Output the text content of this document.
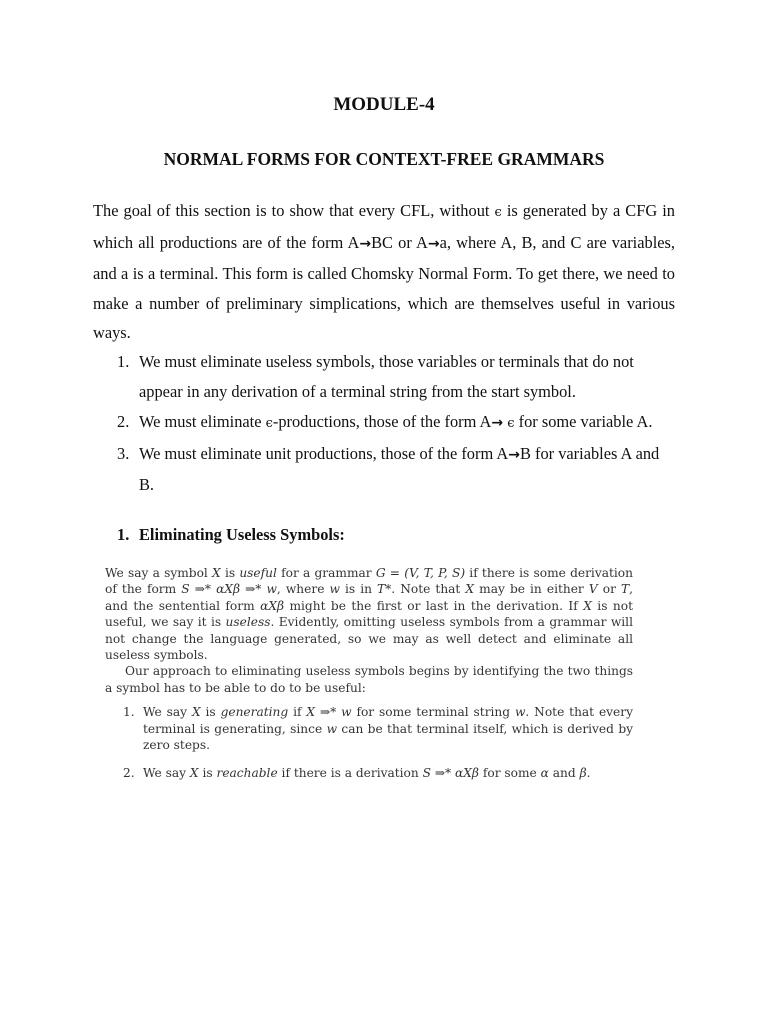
MODULE-4
NORMAL FORMS FOR CONTEXT-FREE GRAMMARS
The goal of this section is to show that every CFL, without ϵ is generated by a CFG in which all productions are of the form A→BC or A→a, where A, B, and C are variables, and a is a terminal. This form is called Chomsky Normal Form. To get there, we need to make a number of preliminary simplications, which are themselves useful in various ways.
1. We must eliminate useless symbols, those variables or terminals that do not appear in any derivation of a terminal string from the start symbol.
2. We must eliminate ϵ-productions, those of the form A→ ϵ for some variable A.
3. We must eliminate unit productions, those of the form A→B for variables A and B.
1. Eliminating Useless Symbols:

We say a symbol X is useful for a grammar G = (V, T, P, S) if there is some derivation of the form S ⇒* αXβ ⇒* w, where w is in T*. Note that X may be in either V or T, and the sentential form αXβ might be the first or last in the derivation. If X is not useful, we say it is useless. Evidently, omitting useless symbols from a grammar will not change the language generated, so we may as well detect and eliminate all useless symbols.

Our approach to eliminating useless symbols begins by identifying the two things a symbol has to be able to do to be useful:

1. We say X is generating if X ⇒* w for some terminal string w. Note that every terminal is generating, since w can be that terminal itself, which is derived by zero steps.
2. We say X is reachable if there is a derivation S ⇒* αXβ for some α and β.
